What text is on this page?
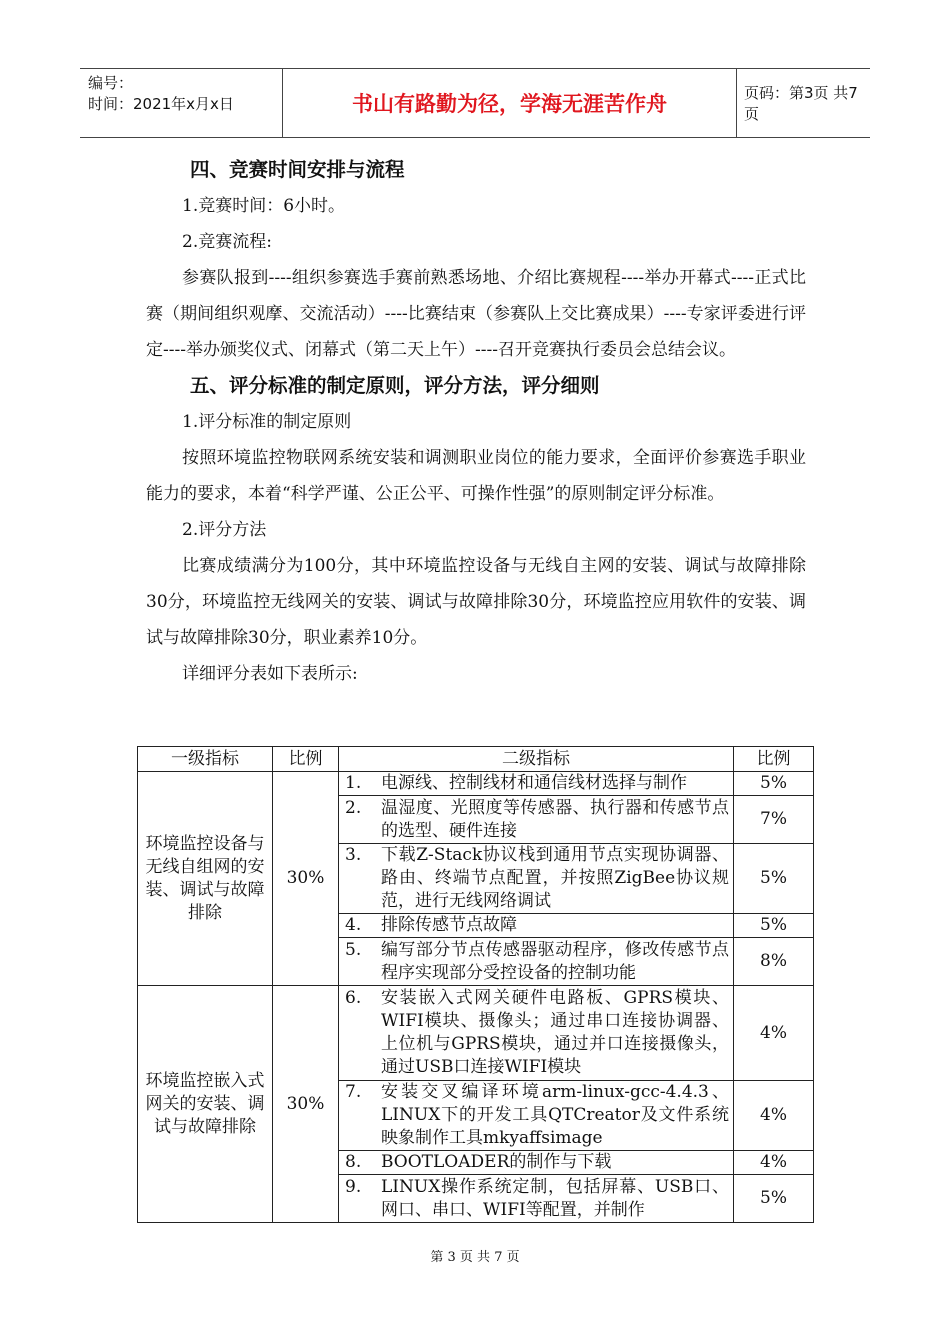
编号：
时间：2021年x月x日	书山有路勤为径，学海无涯苦作舟	页码：第3页 共7页
四、竞赛时间安排与流程

1.竞赛时间：6小时。

2.竞赛流程:

参赛队报到----组织参赛选手赛前熟悉场地、介绍比赛规程----举办开幕式----正式比赛（期间组织观摩、交流活动）----比赛结束（参赛队上交比赛成果）----专家评委进行评定----举办颁奖仪式、闭幕式（第二天上午）----召开竞赛执行委员会总结会议。

五、评分标准的制定原则，评分方法，评分细则

1.评分标准的制定原则

按照环境监控物联网系统安装和调测职业岗位的能力要求，全面评价参赛选手职业能力的要求，本着“科学严谨、公正公平、可操作性强”的原则制定评分标准。

2.评分方法

比赛成绩满分为100分，其中环境监控设备与无线自主网的安装、调试与故障排除30分，环境监控无线网关的安装、调试与故障排除30分，环境监控应用软件的安装、调试与故障排除30分，职业素养10分。

详细评分表如下表所示:

一级指标	比例	二级指标	比例
环境监控设备与无线自组网的安装、调试与故障排除	30%	1. 电源线、控制线材和通信线材选择与制作	5%

		2. 温湿度、光照度等传感器、执行器和传感节点的选型、硬件连接	7%

		3. 下载Z-Stack协议栈到通用节点实现协调器、路由、终端节点配置，并按照ZigBee协议规范，进行无线网络调试	5%

		4. 排除传感节点故障	5%

		5. 编写部分节点传感器驱动程序，修改传感节点程序实现部分受控设备的控制功能	8%
环境监控嵌入式网关的安装、调试与故障排除	30%	6. 安装嵌入式网关硬件电路板、GPRS模块、WIFI模块、摄像头；通过串口连接协调器、上位机与GPRS模块，通过并口连接摄像头，通过USB口连接WIFI模块	4%

		7. 安装交叉编译环境arm-linux-gcc-4.4.3、LINUX下的开发工具QTCreator及文件系统映象制作工具mkyaffsimage	4%

		8. BOOTLOADER的制作与下载	4%

		9. LINUX操作系统定制，包括屏幕、USB口、网口、串口、WIFI等配置，并制作	5%
第 3 页 共 7 页
